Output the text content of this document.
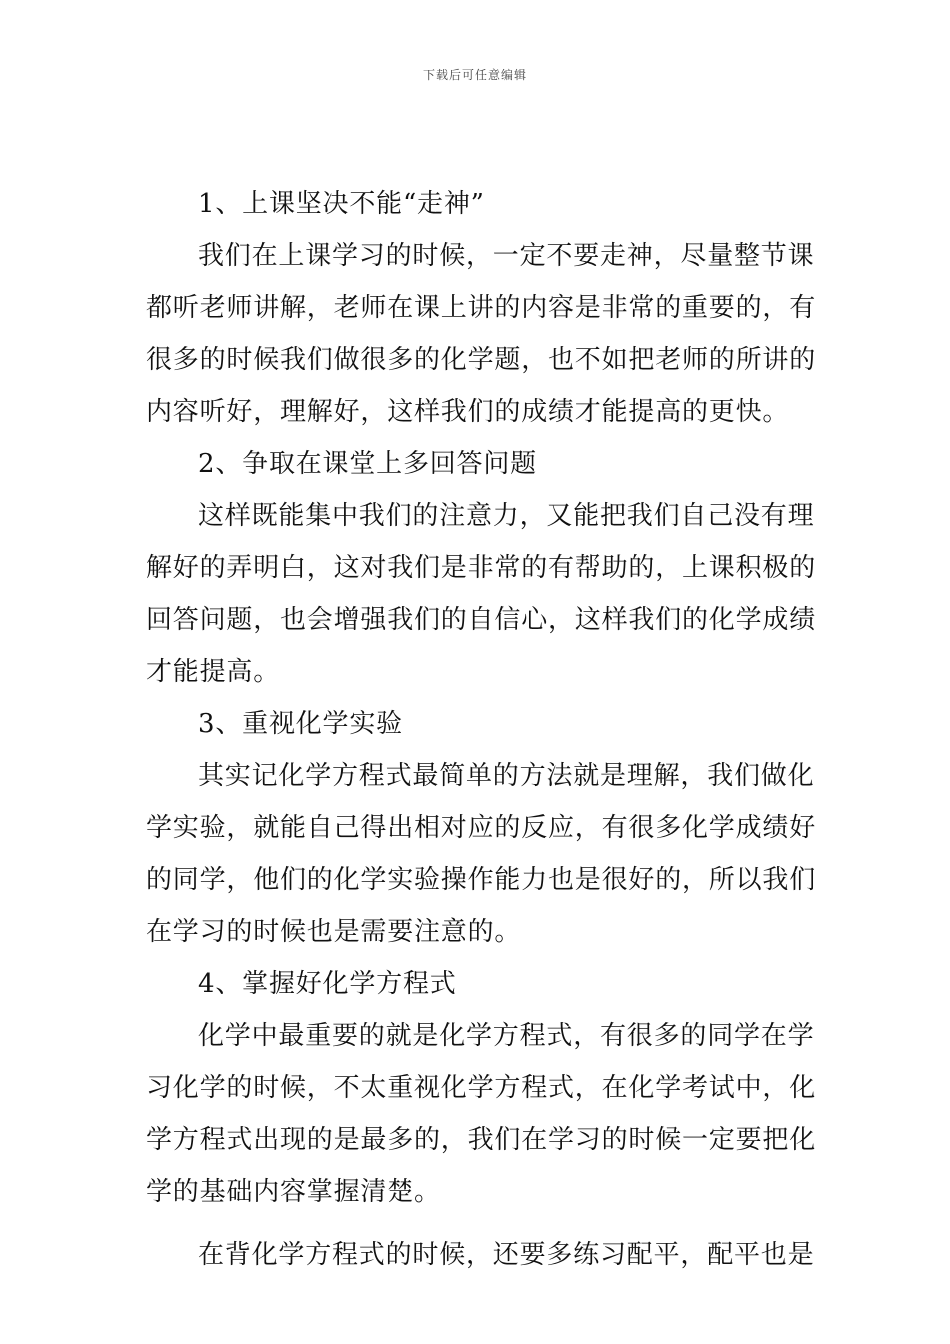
下载后可任意编辑
1、上课坚决不能“走神”
我们在上课学习的时候，一定不要走神，尽量整节课
都听老师讲解，老师在课上讲的内容是非常的重要的，有
很多的时候我们做很多的化学题，也不如把老师的所讲的
内容听好，理解好，这样我们的成绩才能提高的更快。
2、争取在课堂上多回答问题
这样既能集中我们的注意力，又能把我们自己没有理
解好的弄明白，这对我们是非常的有帮助的，上课积极的
回答问题，也会增强我们的自信心，这样我们的化学成绩
才能提高。
3、重视化学实验
其实记化学方程式最简单的方法就是理解，我们做化
学实验，就能自己得出相对应的反应，有很多化学成绩好
的同学，他们的化学实验操作能力也是很好的，所以我们
在学习的时候也是需要注意的。
4、掌握好化学方程式
化学中最重要的就是化学方程式，有很多的同学在学
习化学的时候，不太重视化学方程式，在化学考试中，化
学方程式出现的是最多的，我们在学习的时候一定要把化
学的基础内容掌握清楚。
在背化学方程式的时候，还要多练习配平，配平也是
